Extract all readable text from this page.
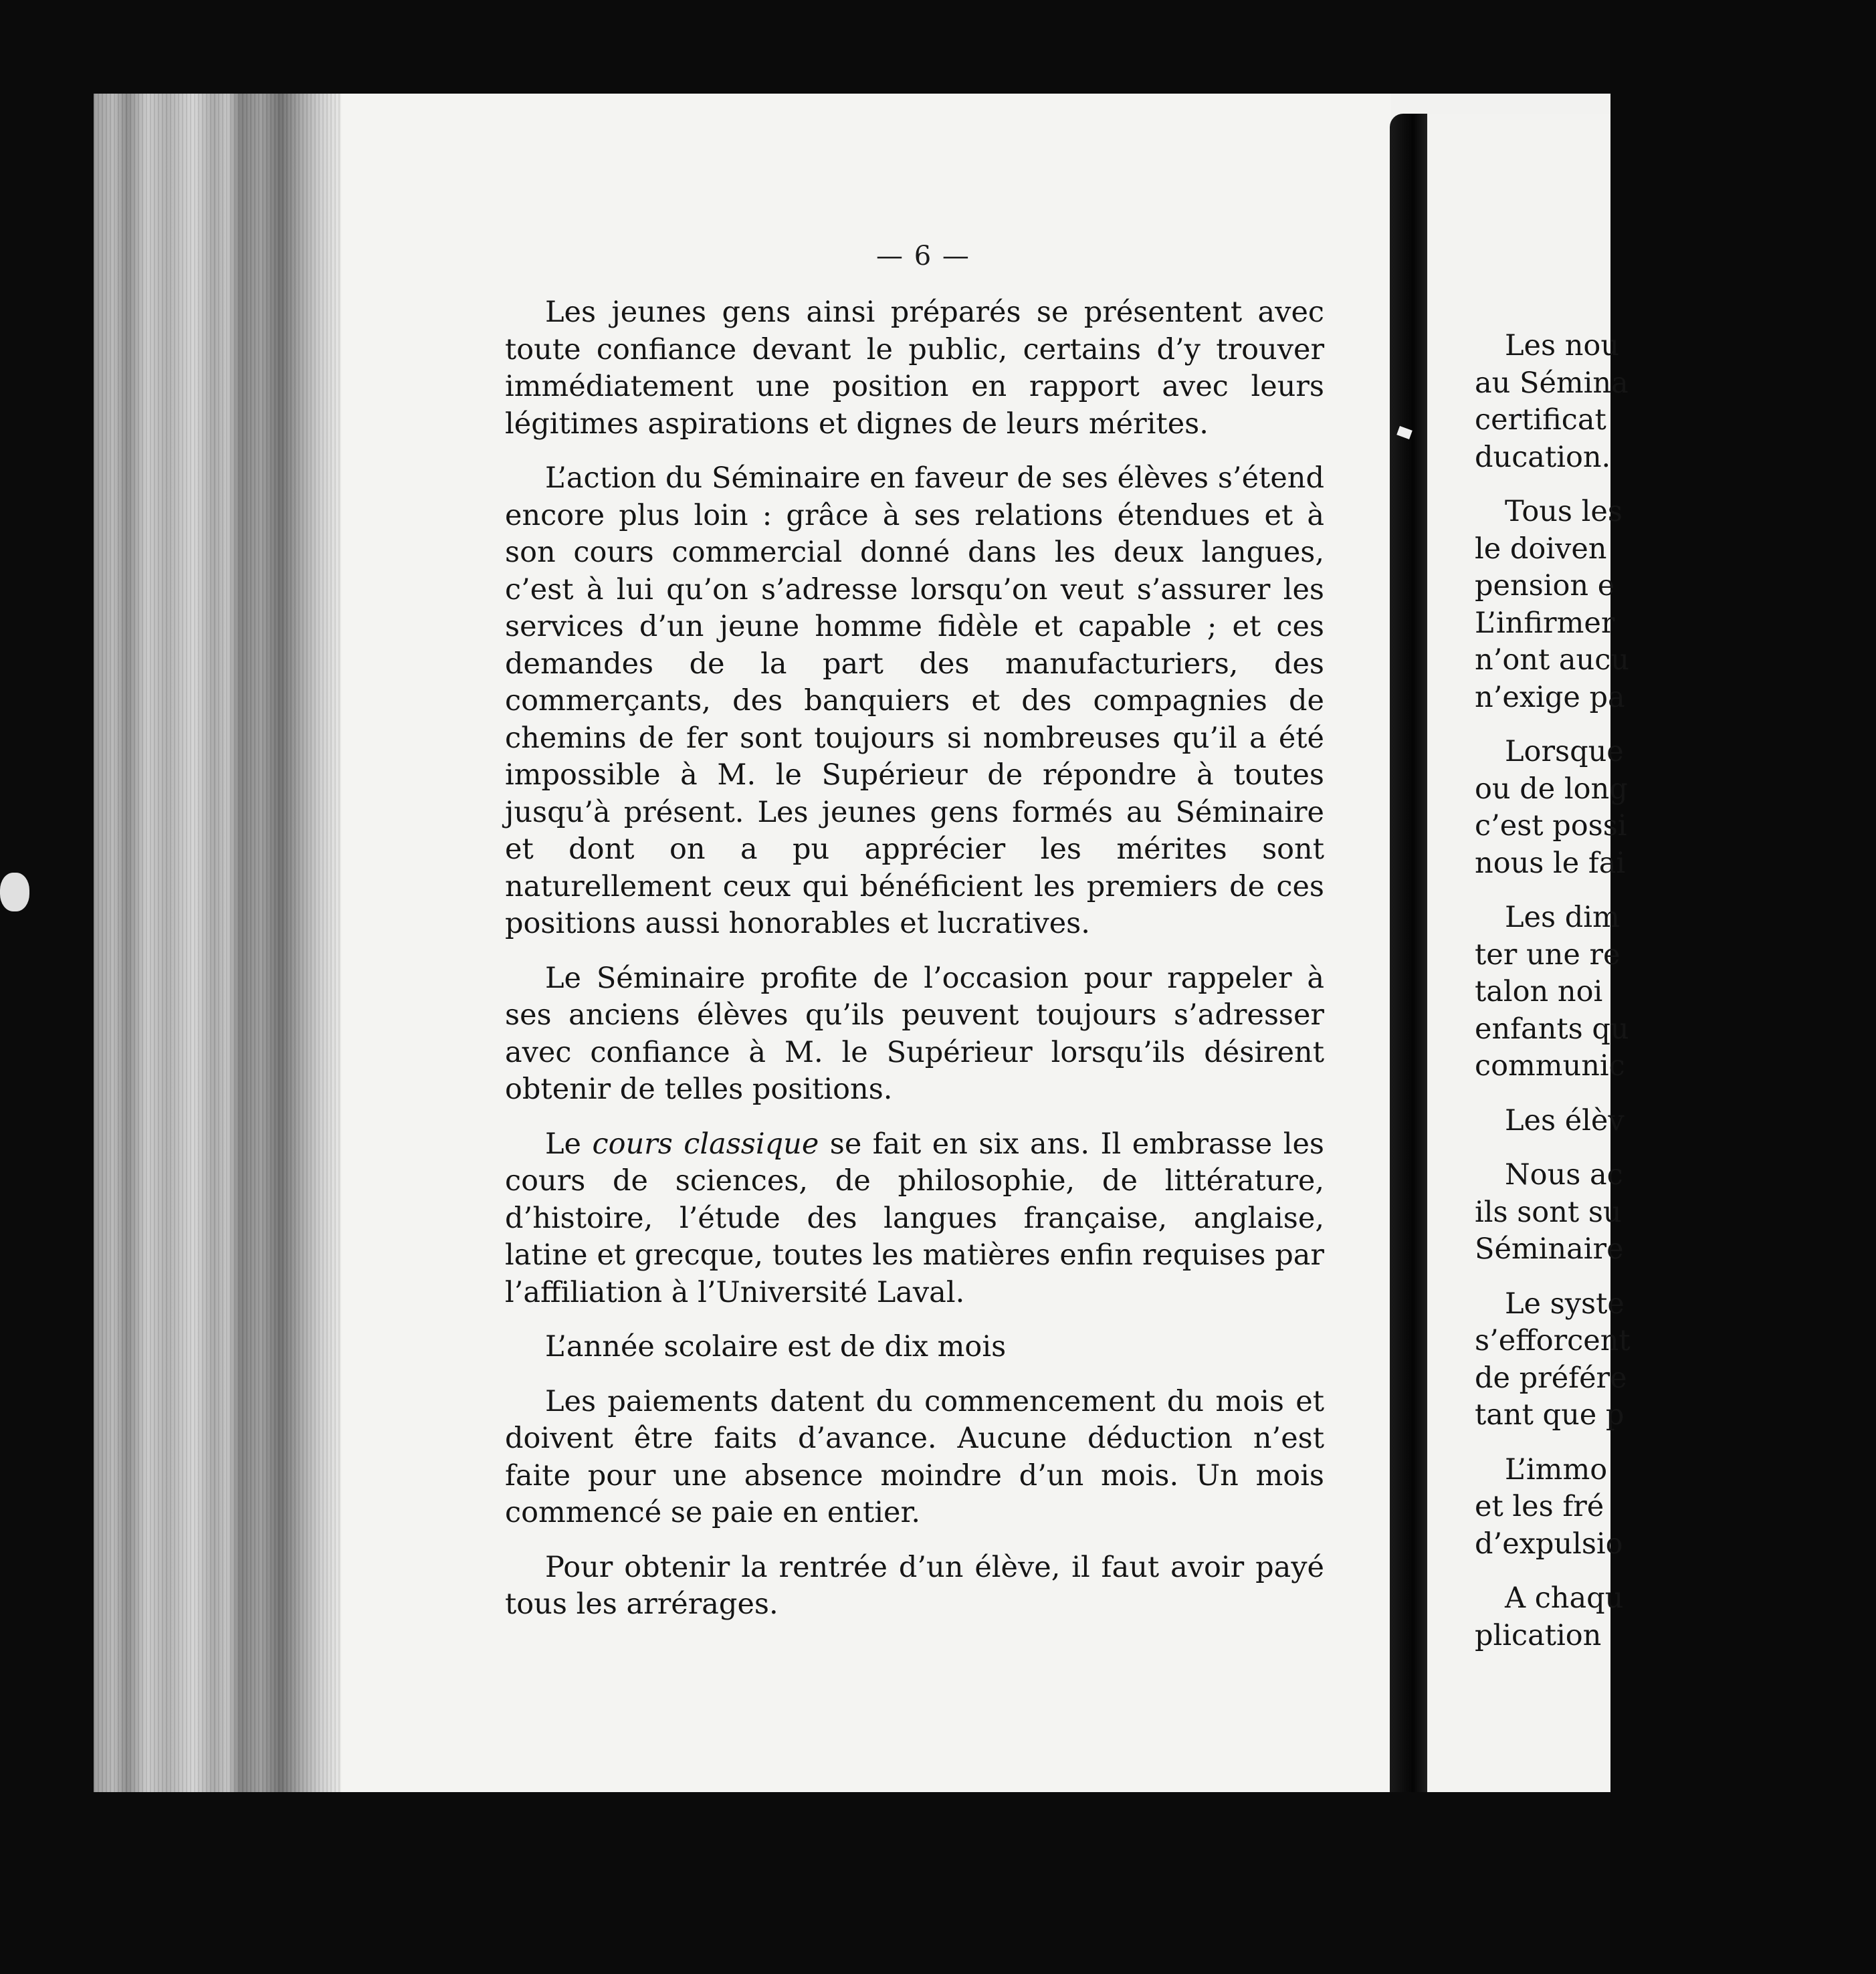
— 6 —

Les jeunes gens ainsi préparés se présentent avec toute confiance devant le public, certains d’y trouver immédiatement une position en rapport avec leurs légitimes aspirations et dignes de leurs mérites.

L’action du Séminaire en faveur de ses élèves s’étend encore plus loin : grâce à ses relations étendues et à son cours commercial donné dans les deux langues, c’est à lui qu’on s’adresse lorsqu’on veut s’assurer les services d’un jeune homme fidèle et capable ; et ces demandes de la part des manufacturiers, des commerçants, des banquiers et des compagnies de chemins de fer sont toujours si nombreuses qu’il a été impossible à M. le Supérieur de répondre à toutes jusqu’à présent. Les jeunes gens formés au Séminaire et dont on a pu apprécier les mérites sont naturellement ceux qui bénéficient les premiers de ces positions aussi honorables et lucratives.

Le Séminaire profite de l’occasion pour rappeler à ses anciens élèves qu’ils peuvent toujours s’adresser avec confiance à M. le Supérieur lorsqu’ils désirent obtenir de telles positions.

Le cours classique se fait en six ans. Il embrasse les cours de sciences, de philosophie, de littérature, d’histoire, l’étude des langues française, anglaise, latine et grecque, toutes les matières enfin requises par l’affiliation à l’Université Laval.

L’année scolaire est de dix mois

Les paiements datent du commencement du mois et doivent être faits d’avance. Aucune déduction n’est faite pour une absence moindre d’un mois. Un mois commencé se paie en entier.

Pour obtenir la rentrée d’un élève, il faut avoir payé tous les arrérages.

Les nou
au Sémina
certificat
ducation.
Tous les
le doiven
pension e
L’infirmer
n’ont aucu
n’exige pa
Lorsque
ou de long
c’est possi
nous le fai
Les dim
ter une re
talon noi
enfants qu
communic
Les élèv
Nous ac
ils sont su
Séminaire
Le syste
s’efforcent
de préfére
tant que p
L’immo
et les fré
d’expulsio
A chaqu
plication
